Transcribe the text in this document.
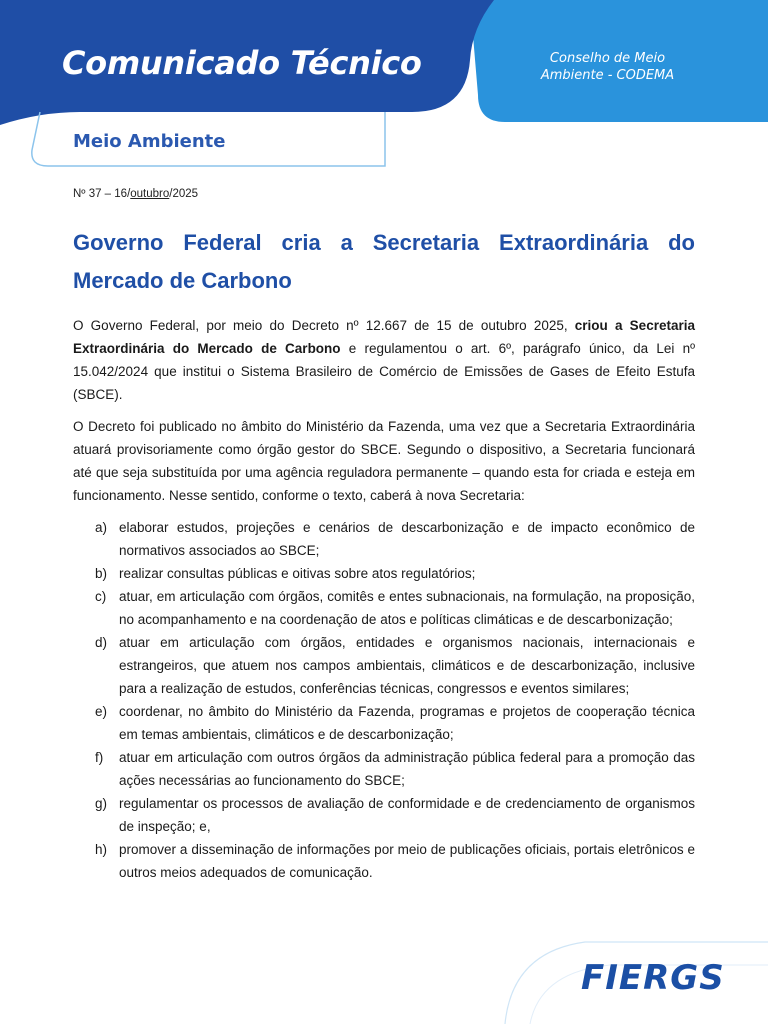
Comunicado Técnico	Conselho de Meio
Ambiente - CODEMA
Meio Ambiente
Nº 37 – 16/outubro/2025
Governo Federal cria a Secretaria Extraordinária do Mercado de Carbono

O Governo Federal, por meio do Decreto nº 12.667 de 15 de outubro 2025, criou a Secretaria Extraordinária do Mercado de Carbono e regulamentou o art. 6º, parágrafo único, da Lei nº 15.042/2024 que institui o Sistema Brasileiro de Comércio de Emissões de Gases de Efeito Estufa (SBCE).

O Decreto foi publicado no âmbito do Ministério da Fazenda, uma vez que a Secretaria Extraordinária atuará provisoriamente como órgão gestor do SBCE. Segundo o dispositivo, a Secretaria funcionará até que seja substituída por uma agência reguladora permanente – quando esta for criada e esteja em funcionamento. Nesse sentido, conforme o texto, caberá à nova Secretaria:

a) elaborar estudos, projeções e cenários de descarbonização e de impacto econômico de normativos associados ao SBCE;
b) realizar consultas públicas e oitivas sobre atos regulatórios;
c) atuar, em articulação com órgãos, comitês e entes subnacionais, na formulação, na proposição, no acompanhamento e na coordenação de atos e políticas climáticas e de descarbonização;
d) atuar em articulação com órgãos, entidades e organismos nacionais, internacionais e estrangeiros, que atuem nos campos ambientais, climáticos e de descarbonização, inclusive para a realização de estudos, conferências técnicas, congressos e eventos similares;
e) coordenar, no âmbito do Ministério da Fazenda, programas e projetos de cooperação técnica em temas ambientais, climáticos e de descarbonização;
f)	atuar em articulação com outros órgãos da administração pública federal para a promoção das ações necessárias ao funcionamento do SBCE;
g) regulamentar os processos de avaliação de conformidade e de credenciamento de organismos de inspeção; e,
h) promover a disseminação de informações por meio de publicações oficiais, portais eletrônicos e outros meios adequados de comunicação.
FIERGS
